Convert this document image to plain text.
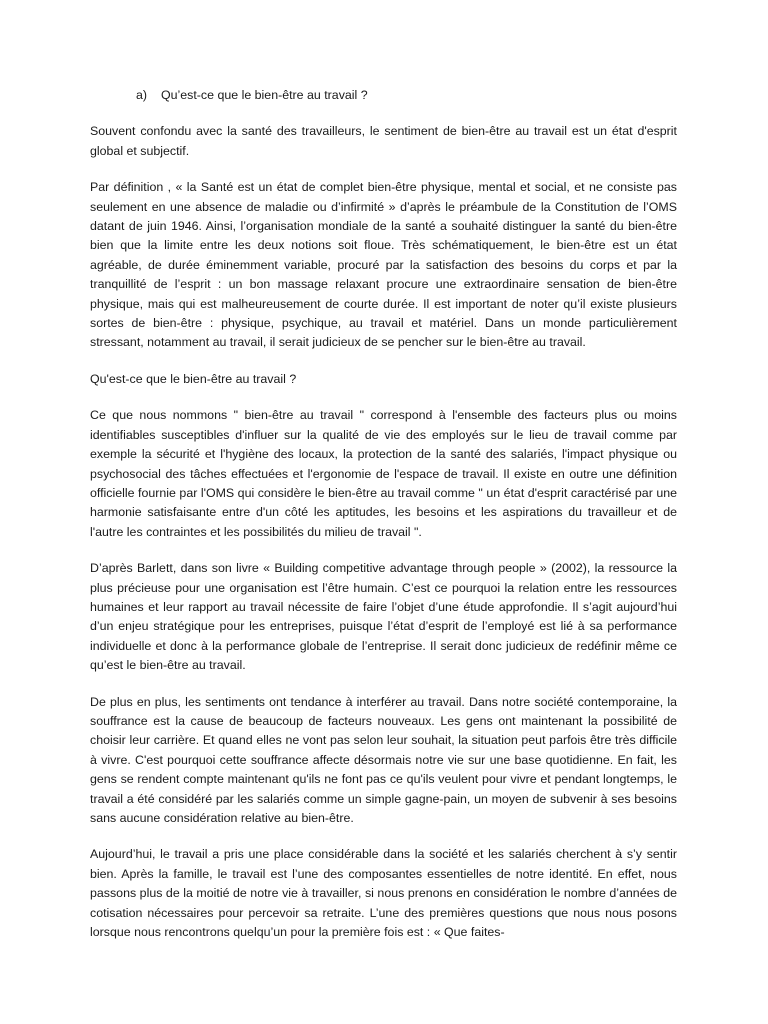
a) Qu’est-ce que le bien-être au travail ?

Souvent confondu avec la santé des travailleurs, le sentiment de bien-être au travail est un état d'esprit global et subjectif.

Par définition , « la Santé est un état de complet bien-être physique, mental et social, et ne consiste pas seulement en une absence de maladie ou d’infirmité » d’après le préambule de la Constitution de l’OMS datant de juin 1946. Ainsi, l’organisation mondiale de la santé a souhaité distinguer la santé du bien-être bien que la limite entre les deux notions soit floue. Très schématiquement, le bien-être est un état agréable, de durée éminemment variable, procuré par la satisfaction des besoins du corps et par la tranquillité de l’esprit : un bon massage relaxant procure une extraordinaire sensation de bien-être physique, mais qui est malheureusement de courte durée. Il est important de noter qu’il existe plusieurs sortes de bien-être : physique, psychique, au travail et matériel. Dans un monde particulièrement stressant, notamment au travail, il serait judicieux de se pencher sur le bien-être au travail.

Qu'est-ce que le bien-être au travail ?

Ce que nous nommons " bien-être au travail " correspond à l'ensemble des facteurs plus ou moins identifiables susceptibles d'influer sur la qualité de vie des employés sur le lieu de travail comme par exemple la sécurité et l'hygiène des locaux, la protection de la santé des salariés, l'impact physique ou psychosocial des tâches effectuées et l'ergonomie de l'espace de travail. Il existe en outre une définition officielle fournie par l'OMS qui considère le bien-être au travail comme " un état d'esprit caractérisé par une harmonie satisfaisante entre d'un côté les aptitudes, les besoins et les aspirations du travailleur et de l'autre les contraintes et les possibilités du milieu de travail ".

D’après Barlett, dans son livre « Building competitive advantage through people » (2002), la ressource la plus précieuse pour une organisation est l’être humain. C’est ce pourquoi la relation entre les ressources humaines et leur rapport au travail nécessite de faire l’objet d’une étude approfondie. Il s’agit aujourd’hui d’un enjeu stratégique pour les entreprises, puisque l’état d’esprit de l’employé est lié à sa performance individuelle et donc à la performance globale de l’entreprise. Il serait donc judicieux de redéfinir même ce qu’est le bien-être au travail.

De plus en plus, les sentiments ont tendance à interférer au travail. Dans notre société contemporaine, la souffrance est la cause de beaucoup de facteurs nouveaux. Les gens ont maintenant la possibilité de choisir leur carrière. Et quand elles ne vont pas selon leur souhait, la situation peut parfois être très difficile à vivre. C'est pourquoi cette souffrance affecte désormais notre vie sur une base quotidienne. En fait, les gens se rendent compte maintenant qu'ils ne font pas ce qu'ils veulent pour vivre et pendant longtemps, le travail a été considéré par les salariés comme un simple gagne-pain, un moyen de subvenir à ses besoins sans aucune considération relative au bien-être.

Aujourd’hui, le travail a pris une place considérable dans la société et les salariés cherchent à s’y sentir bien. Après la famille, le travail est l’une des composantes essentielles de notre identité. En effet, nous passons plus de la moitié de notre vie à travailler, si nous prenons en considération le nombre d’années de cotisation nécessaires pour percevoir sa retraite. L’une des premières questions que nous nous posons lorsque nous rencontrons quelqu’un pour la première fois est : « Que faites-
